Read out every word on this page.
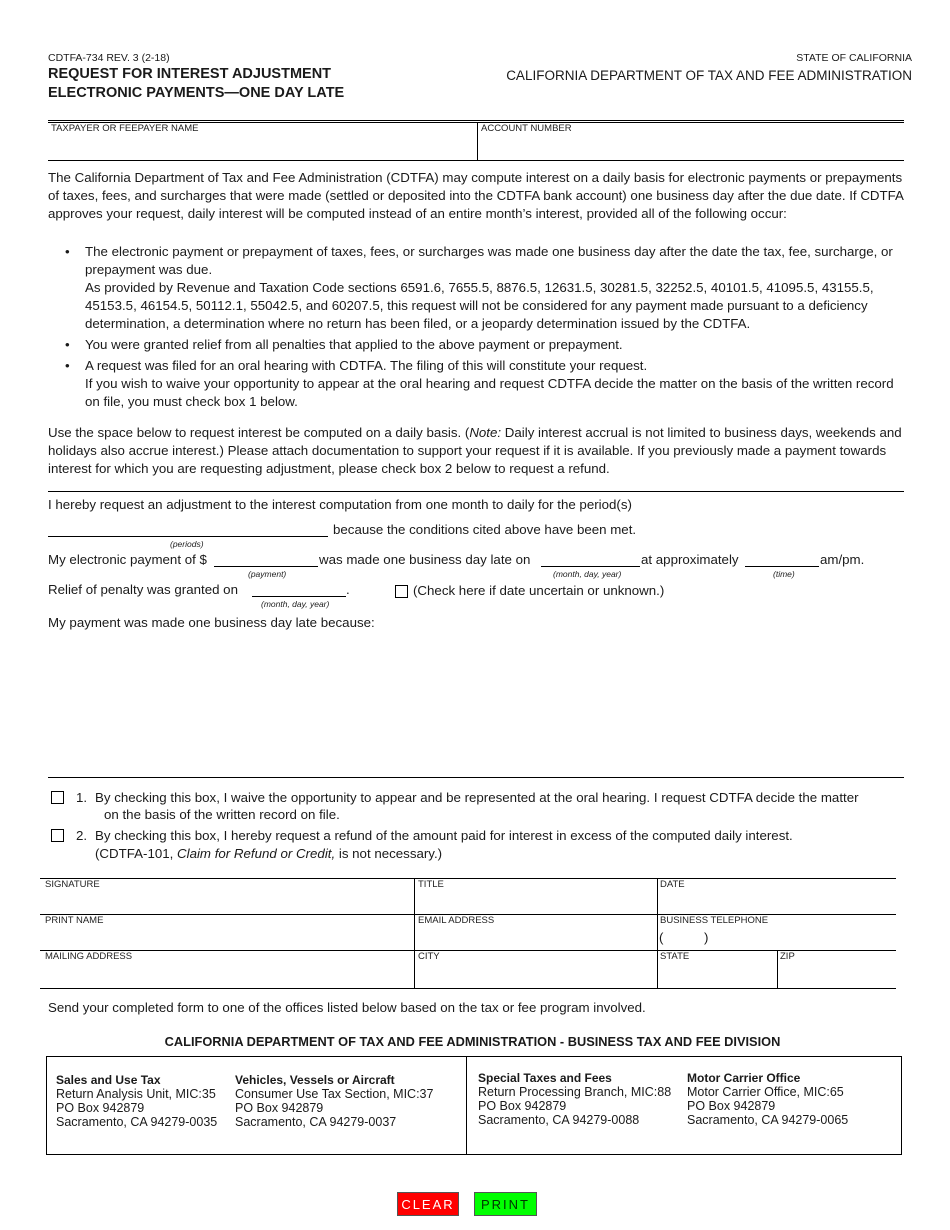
CDTFA-734 REV. 3 (2-18)
REQUEST FOR INTEREST ADJUSTMENT
ELECTRONIC PAYMENTS—ONE DAY LATE
STATE OF CALIFORNIA
CALIFORNIA DEPARTMENT OF TAX AND FEE ADMINISTRATION
TAXPAYER OR FEEPAYER NAME	ACCOUNT NUMBER
The California Department of Tax and Fee Administration (CDTFA) may compute interest on a daily basis for electronic payments or prepayments of taxes, fees, and surcharges that were made (settled or deposited into the CDTFA bank account) one business day after the due date. If CDTFA approves your request, daily interest will be computed instead of an entire month’s interest, provided all of the following occur:
• The electronic payment or prepayment of taxes, fees, or surcharges was made one business day after the date the tax, fee, surcharge, or prepayment was due.
As provided by Revenue and Taxation Code sections 6591.6, 7655.5, 8876.5, 12631.5, 30281.5, 32252.5, 40101.5, 41095.5, 43155.5, 45153.5, 46154.5, 50112.1, 55042.5, and 60207.5, this request will not be considered for any payment made pursuant to a deficiency determination, a determination where no return has been filed, or a jeopardy determination issued by the CDTFA.
• You were granted relief from all penalties that applied to the above payment or prepayment.
• A request was filed for an oral hearing with CDTFA. The filing of this will constitute your request.
If you wish to waive your opportunity to appear at the oral hearing and request CDTFA decide the matter on the basis of the written record on file, you must check box 1 below.
Use the space below to request interest be computed on a daily basis. (Note: Daily interest accrual is not limited to business days, weekends and holidays also accrue interest.) Please attach documentation to support your request if it is available. If you previously made a payment towards interest for which you are requesting adjustment, please check box 2 below to request a refund.
I hereby request an adjustment to the interest computation from one month to daily for the period(s)
because the conditions cited above have been met.
(periods)
My electronic payment of $	was made one business day late on	at approximately	am/pm.
(payment)	(month, day, year)	(time)
Relief of penalty was granted on	.
(month, day, year)
(Check here if date uncertain or unknown.)
My payment was made one business day late because:
1. By checking this box, I waive the opportunity to appear and be represented at the oral hearing. I request CDTFA decide the matter
on the basis of the written record on file.
2. By checking this box, I hereby request a refund of the amount paid for interest in excess of the computed daily interest.
(CDTFA-101, Claim for Refund or Credit, is not necessary.)
SIGNATURE	TITLE	DATE
PRINT NAME	EMAIL ADDRESS	BUSINESS TELEPHONE
(	)
MAILING ADDRESS	CITY	STATE	ZIP
Send your completed form to one of the offices listed below based on the tax or fee program involved.
CALIFORNIA DEPARTMENT OF TAX AND FEE ADMINISTRATION - BUSINESS TAX AND FEE DIVISION
Sales and Use Tax
Return Analysis Unit, MIC:35
PO Box 942879
Sacramento, CA 94279-0035
Vehicles, Vessels or Aircraft
Consumer Use Tax Section, MIC:37
PO Box 942879
Sacramento, CA 94279-0037
Special Taxes and Fees
Return Processing Branch, MIC:88
PO Box 942879
Sacramento, CA 94279-0088
Motor Carrier Office
Motor Carrier Office, MIC:65
PO Box 942879
Sacramento, CA 94279-0065
CLEAR	PRINT
